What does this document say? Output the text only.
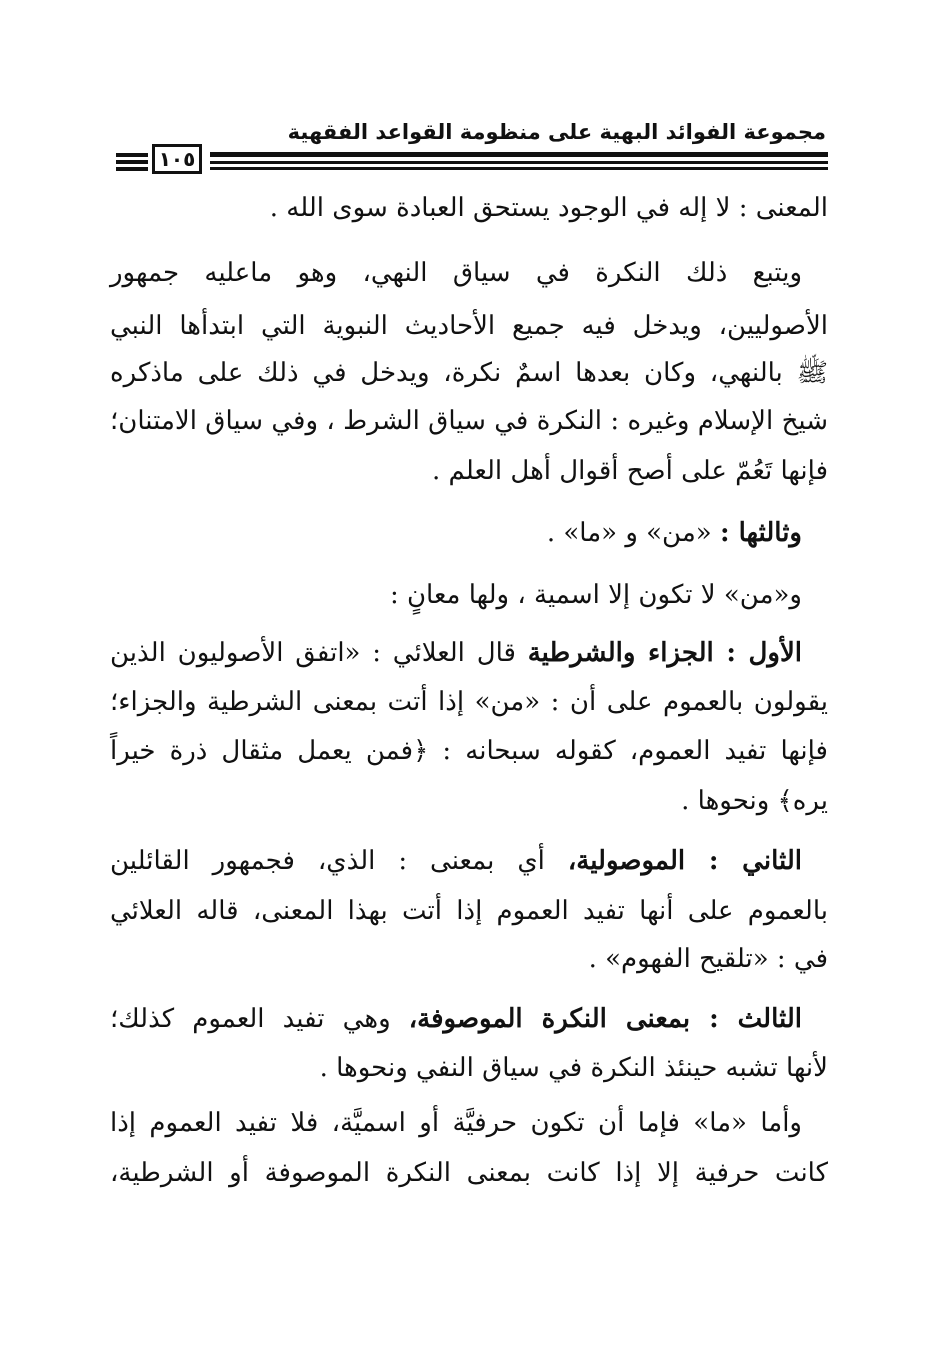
مجموعة الفوائد البهية على منظومة القواعد الفقهية
١٠٥
المعنى : لا إله في الوجود يستحق العبادة سوى الله .
ويتبع ذلك النكرة في سياق النهي، وهو ماعليه جمهور
الأصوليين، ويدخل فيه جميع الأحاديث النبوية التي ابتدأها النبي
ﷺ بالنهي، وكان بعدها اسمٌ نكرة، ويدخل في ذلك على ماذكره
شيخ الإسلام وغيره : النكرة في سياق الشرط ، وفي سياق الامتنان؛
فإنها تَعُمّ على أصح أقوال أهل العلم .
وثالثها : «من» و «ما» .
و«من» لا تكون إلا اسمية ، ولها معانٍ :
الأول : الجزاء والشرطية قال العلائي : «اتفق الأصوليون الذين
يقولون بالعموم على أن : «من» إذا أتت بمعنى الشرطية والجزاء؛
فإنها تفيد العموم، كقوله سبحانه : ﴿فمن يعمل مثقال ذرة خيراً
يره﴾ ونحوها .
الثاني : الموصولية، أي بمعنى : الذي، فجمهور القائلين
بالعموم على أنها تفيد العموم إذا أتت بهذا المعنى، قاله العلائي
في : «تلقيح الفهوم» .
الثالث : بمعنى النكرة الموصوفة، وهي تفيد العموم كذلك؛
لأنها تشبه حينئذ النكرة في سياق النفي ونحوها .
وأما «ما» فإما أن تكون حرفيَّة أو اسميَّة، فلا تفيد العموم إذا
كانت حرفية إلا إذا كانت بمعنى النكرة الموصوفة أو الشرطية،
